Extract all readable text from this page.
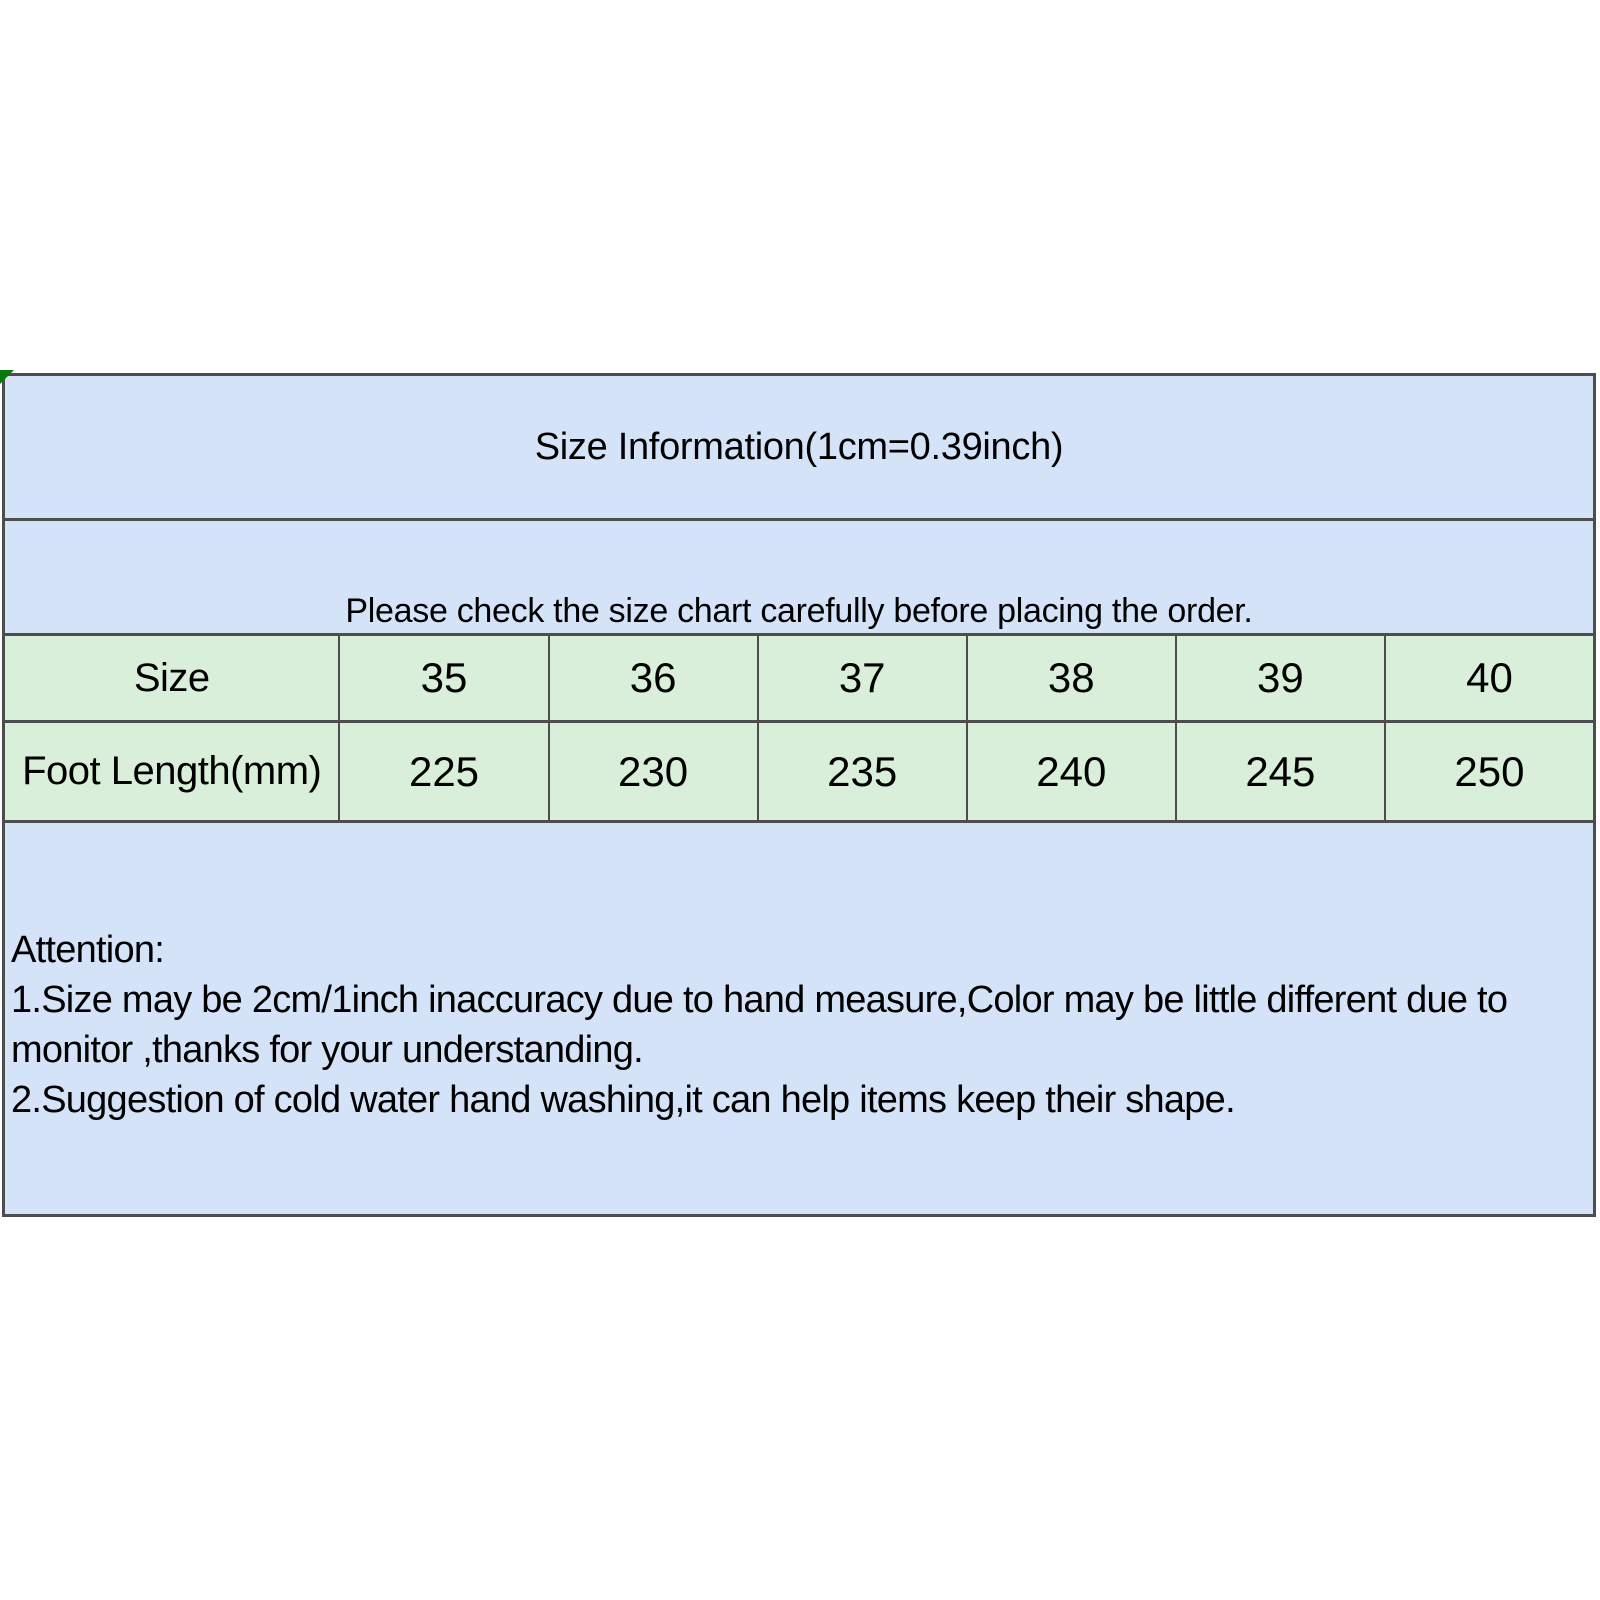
Size Information(1cm=0.39inch)
Please check the size chart carefully before placing the order.
Size	35	36	37	38	39	40
Foot Length(mm)	225	230	235	240	245	250
Attention:
1.Size may be 2cm/1inch inaccuracy due to hand measure,Color may be little different due to
monitor ,thanks for your understanding.
2.Suggestion of cold water hand washing,it can help items keep their shape.
